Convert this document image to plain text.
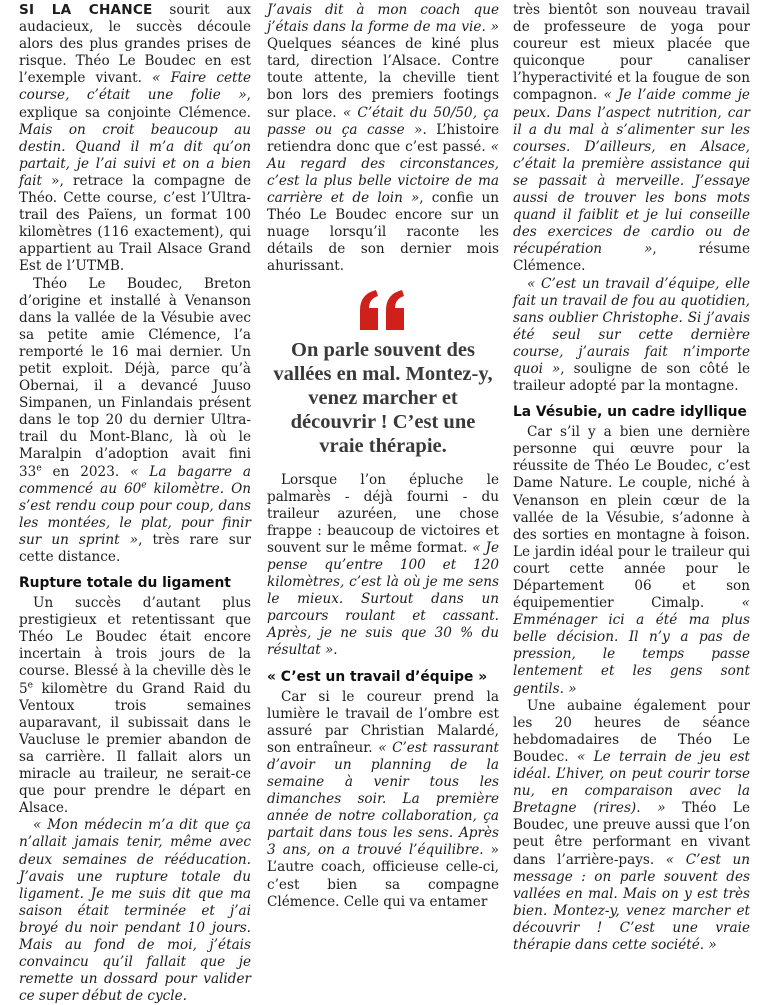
SI LA CHANCE sourit aux audacieux, le succès découle alors des plus grandes prises de risque. Théo Le Boudec en est l’exemple vivant. « Faire cette course, c’était une folie », explique sa conjointe Clémence. Mais on croit beaucoup au destin. Quand il m’a dit qu’on partait, je l’ai suivi et on a bien fait », retrace la compagne de Théo. Cette course, c’est l’Ultra-trail des Païens, un format 100 kilomètres (116 exactement), qui appartient au Trail Alsace Grand Est de l’UTMB.

Théo Le Boudec, Breton d’origine et installé à Venanson dans la vallée de la Vésubie avec sa petite amie Clémence, l’a remporté le 16 mai dernier. Un petit exploit. Déjà, parce qu’à Obernai, il a devancé Juuso Simpanen, un Finlandais présent dans le top 20 du dernier Ultra-trail du Mont-Blanc, là où le Maralpin d’adoption avait fini 33e en 2023. « La bagarre a commencé au 60e kilomètre. On s’est rendu coup pour coup, dans les montées, le plat, pour finir sur un sprint », très rare sur cette distance.

Rupture totale du ligament

Un succès d’autant plus prestigieux et retentissant que Théo Le Boudec était encore incertain à trois jours de la course. Blessé à la cheville dès le 5e kilomètre du Grand Raid du Ventoux trois semaines auparavant, il subissait dans le Vaucluse le premier abandon de sa carrière. Il fallait alors un miracle au traileur, ne serait-ce que pour prendre le départ en Alsace.

« Mon médecin m’a dit que ça n’allait jamais tenir, même avec deux semaines de rééducation. J’avais une rupture totale du ligament. Je me suis dit que ma saison était terminée et j’ai broyé du noir pendant 10 jours. Mais au fond de moi, j’étais convaincu qu’il fallait que je remette un dossard pour valider ce super début de cycle.

J’avais dit à mon coach que j’étais dans la forme de ma vie. » Quelques séances de kiné plus tard, direction l’Alsace. Contre toute attente, la cheville tient bon lors des premiers footings sur place. « C’était du 50/50, ça passe ou ça casse ». L’histoire retiendra donc que c’est passé. « Au regard des circonstances, c’est la plus belle victoire de ma carrière et de loin », confie un Théo Le Boudec encore sur un nuage lorsqu’il raconte les détails de son dernier mois ahurissant.

On parle souvent des vallées en mal. Montez-y, venez marcher et découvrir ! C’est une vraie thérapie.

Lorsque l’on épluche le palmarès - déjà fourni - du traileur azuréen, une chose frappe : beaucoup de victoires et souvent sur le même format. « Je pense qu’entre 100 et 120 kilomètres, c’est là où je me sens le mieux. Surtout dans un parcours roulant et cassant. Après, je ne suis que 30 % du résultat ».

« C’est un travail d’équipe »

Car si le coureur prend la lumière le travail de l’ombre est assuré par Christian Malardé, son entraîneur. « C’est rassurant d’avoir un planning de la semaine à venir tous les dimanches soir. La première année de notre collaboration, ça partait dans tous les sens. Après 3 ans, on a trouvé l’équilibre. » L’autre coach, officieuse celle-ci, c’est bien sa compagne Clémence. Celle qui va entamer

très bientôt son nouveau travail de professeure de yoga pour coureur est mieux placée que quiconque pour canaliser l’hyperactivité et la fougue de son compagnon. « Je l’aide comme je peux. Dans l’aspect nutrition, car il a du mal à s’alimenter sur les courses. D’ailleurs, en Alsace, c’était la première assistance qui se passait à merveille. J’essaye aussi de trouver les bons mots quand il faiblit et je lui conseille des exercices de cardio ou de récupération », résume Clémence.

« C’est un travail d’équipe, elle fait un travail de fou au quotidien, sans oublier Christophe. Si j’avais été seul sur cette dernière course, j’aurais fait n’importe quoi », souligne de son côté le traileur adopté par la montagne.

La Vésubie, un cadre idyllique

Car s’il y a bien une dernière personne qui œuvre pour la réussite de Théo Le Boudec, c’est Dame Nature. Le couple, niché à Venanson en plein cœur de la vallée de la Vésubie, s’adonne à des sorties en montagne à foison. Le jardin idéal pour le traileur qui court cette année pour le Département 06 et son équipementier Cimalp. « Emménager ici a été ma plus belle décision. Il n’y a pas de pression, le temps passe lentement et les gens sont gentils. »

Une aubaine également pour les 20 heures de séance hebdomadaires de Théo Le Boudec. « Le terrain de jeu est idéal. L’hiver, on peut courir torse nu, en comparaison avec la Bretagne (rires). » Théo Le Boudec, une preuve aussi que l’on peut être performant en vivant dans l’arrière-pays. « C’est un message : on parle souvent des vallées en mal. Mais on y est très bien. Montez-y, venez marcher et découvrir ! C’est une vraie thérapie dans cette société. »
